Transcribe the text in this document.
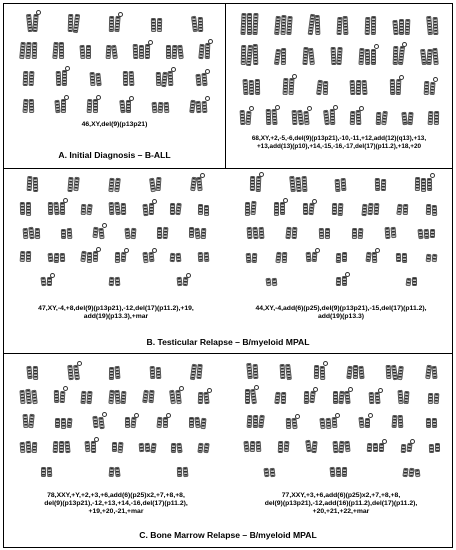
46,XY,del(9)(p13p21)
A. Initial Diagnosis – B-ALL
68,XY,+2,-5,-6,del(9)(p13p21),-10,-11,+12,add(12)(q13),+13,
+13,add(13)(p10),+14,-15,-16,-17,del(17)(p11.2),+18,+20
47,XY,-4,+8,del(9)(p13p21),-12,del(17)(p11.2),+19,
add(19)(p13.3),+mar
44,XY,-4,add(6)(p25),del(9)(p13p21),-15,del(17)(p11.2),
add(19)(p13.3)
B. Testicular Relapse – B/myeloid MPAL
78,XXY,+Y,+2,+3,+6,add(6)(p25)x2,+7,+8,+8,
del(9)(p13p21),-12,+13,+14,-16,del(17)(p11.2),
+19,+20,-21,+mar
77,XXY,+3,+6,add(6)(p25)x2,+7,+8,+8,
del(9)(p13p21),-12,add(16)(p11.2),del(17)(p11.2),
+20,+21,+22,+mar
C. Bone Marrow Relapse – B/myeloid MPAL
